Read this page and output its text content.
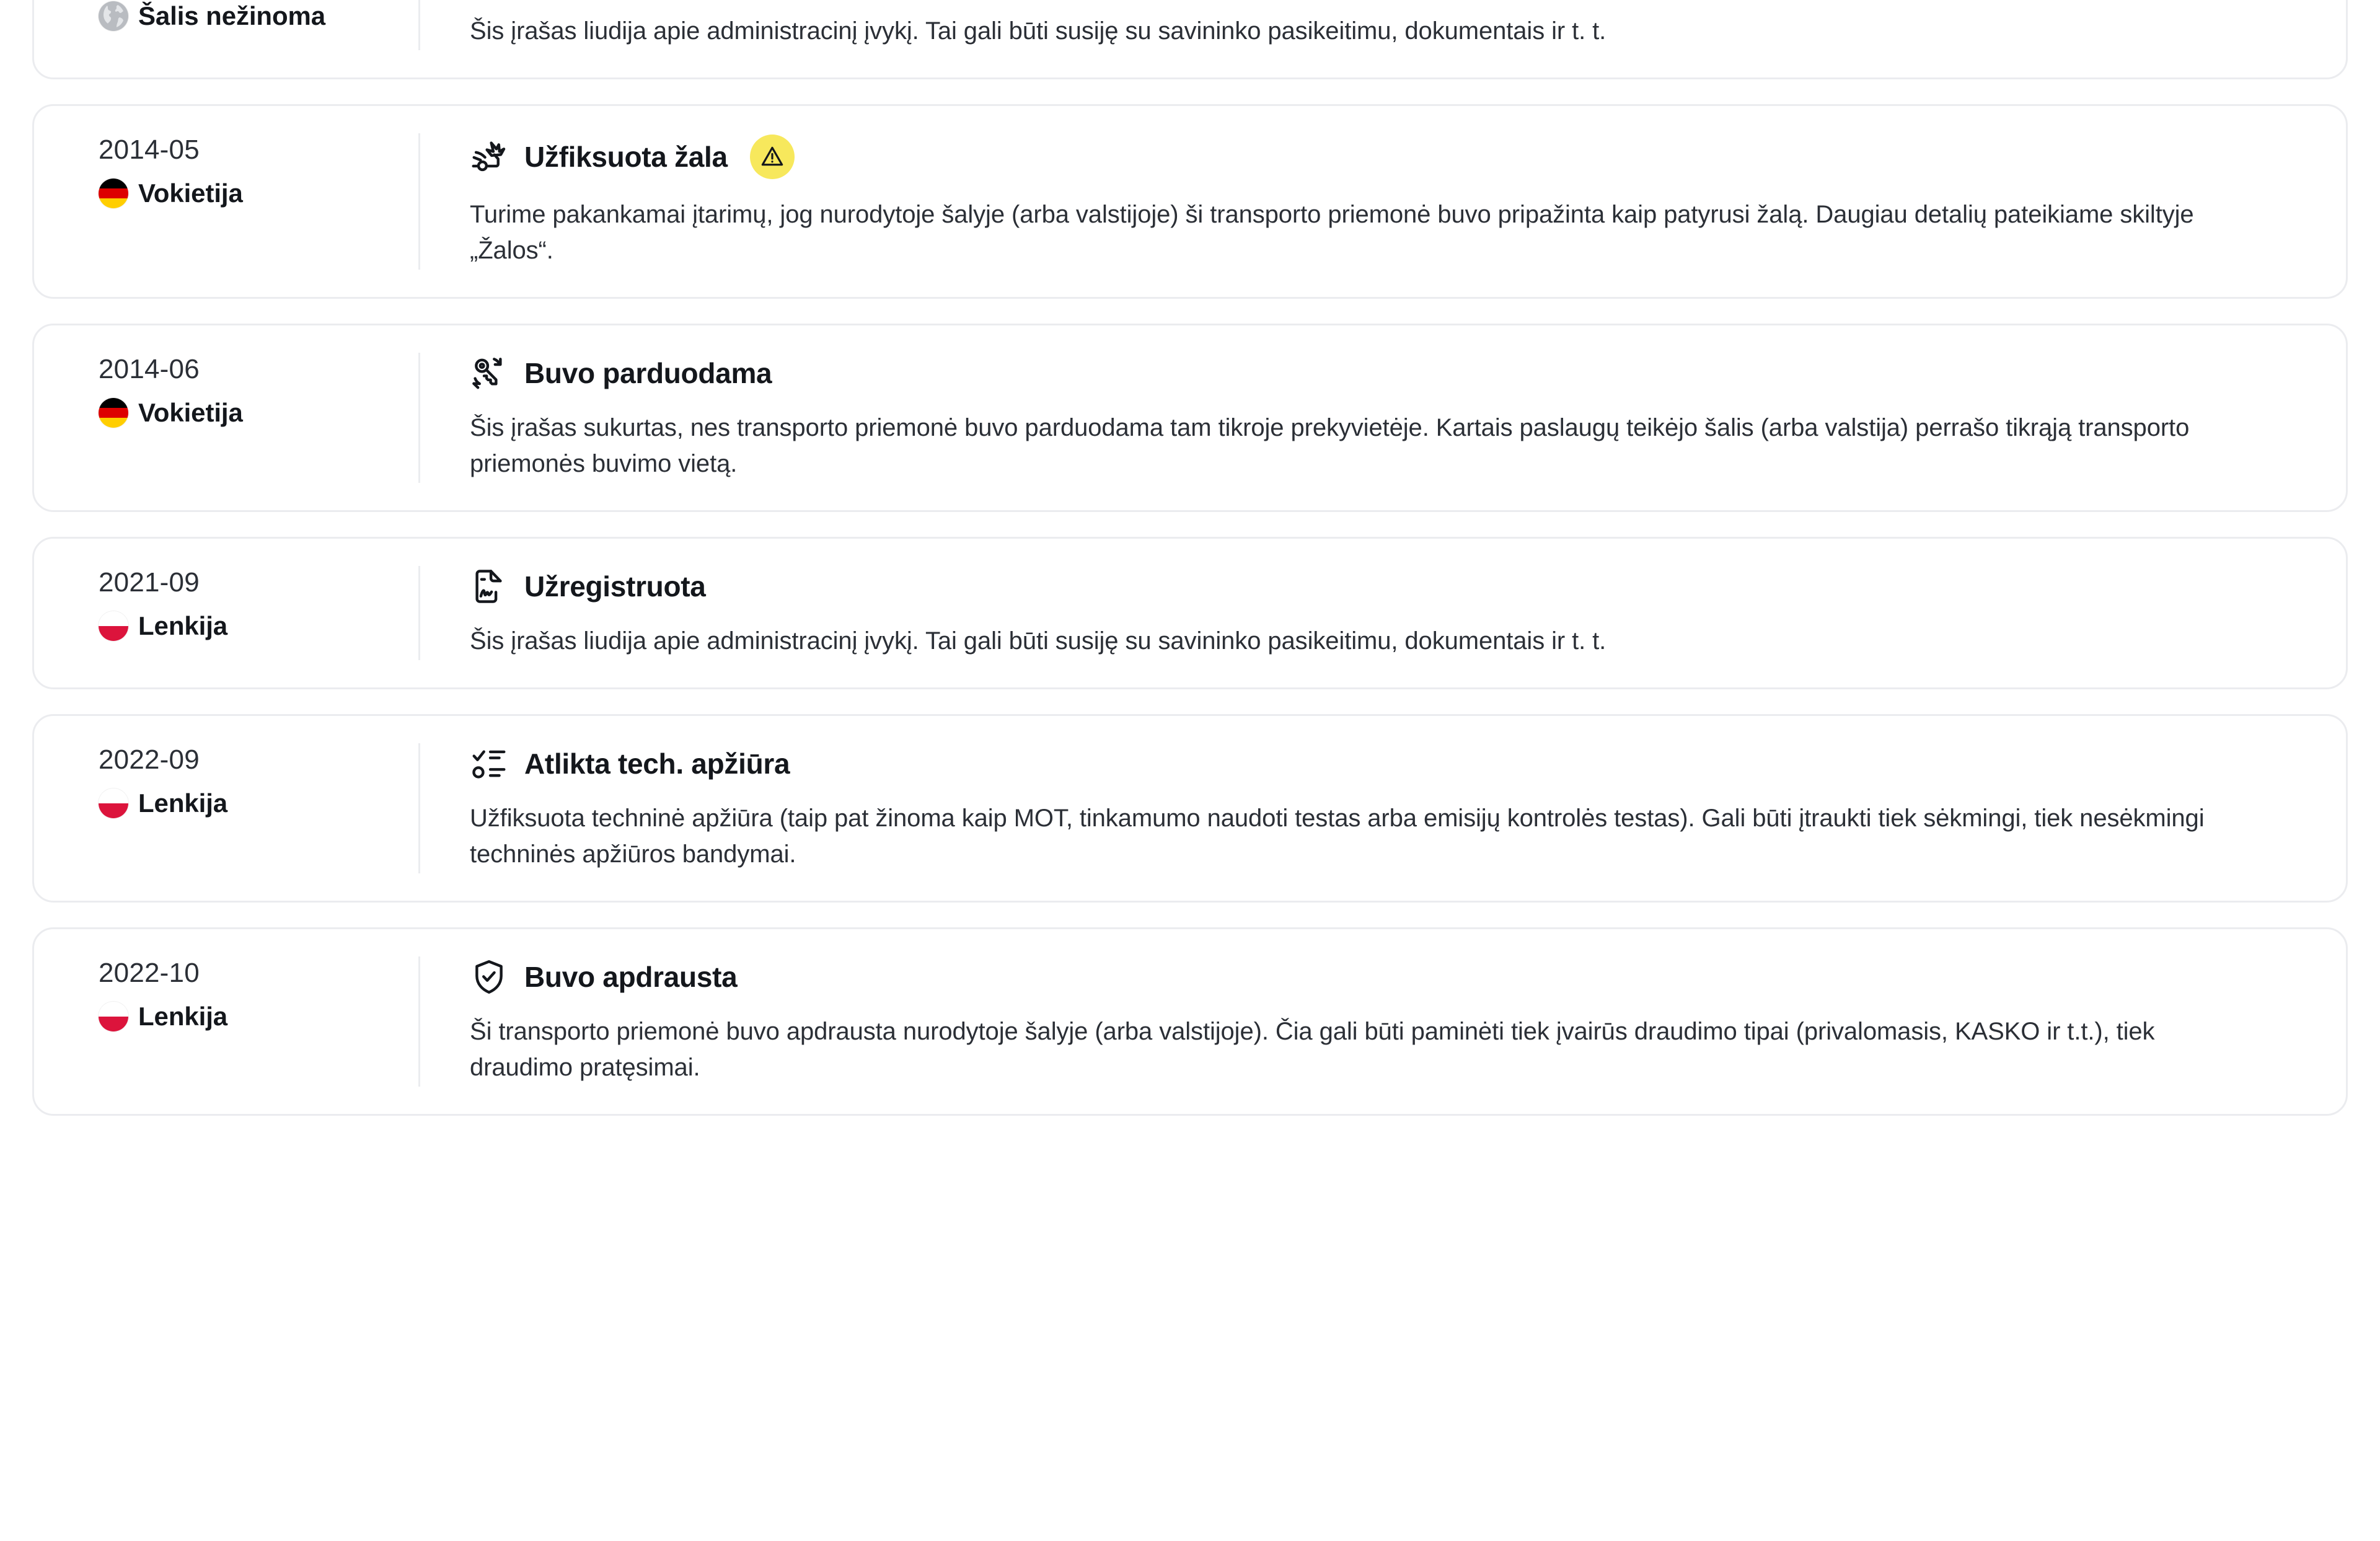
Šalis nežinoma
Šis įrašas liudija apie administracinį įvykį. Tai gali būti susiję su savininko pasikeitimu, dokumentais ir t. t.
2014-05
Vokietija
Užfiksuota žala
Turime pakankamai įtarimų, jog nurodytoje šalyje (arba valstijoje) ši transporto priemonė buvo pripažinta kaip patyrusi žalą. Daugiau detalių pateikiame skiltyje „Žalos“.
2014-06
Vokietija
Buvo parduodama
Šis įrašas sukurtas, nes transporto priemonė buvo parduodama tam tikroje prekyvietėje. Kartais paslaugų teikėjo šalis (arba valstija) perrašo tikrąją transporto priemonės buvimo vietą.
2021-09
Lenkija
Užregistruota
Šis įrašas liudija apie administracinį įvykį. Tai gali būti susiję su savininko pasikeitimu, dokumentais ir t. t.
2022-09
Lenkija
Atlikta tech. apžiūra
Užfiksuota techninė apžiūra (taip pat žinoma kaip MOT, tinkamumo naudoti testas arba emisijų kontrolės testas). Gali būti įtraukti tiek sėkmingi, tiek nesėkmingi techninės apžiūros bandymai.
2022-10
Lenkija
Buvo apdrausta
Ši transporto priemonė buvo apdrausta nurodytoje šalyje (arba valstijoje). Čia gali būti paminėti tiek įvairūs draudimo tipai (privalomasis, KASKO ir t.t.), tiek draudimo pratęsimai.
